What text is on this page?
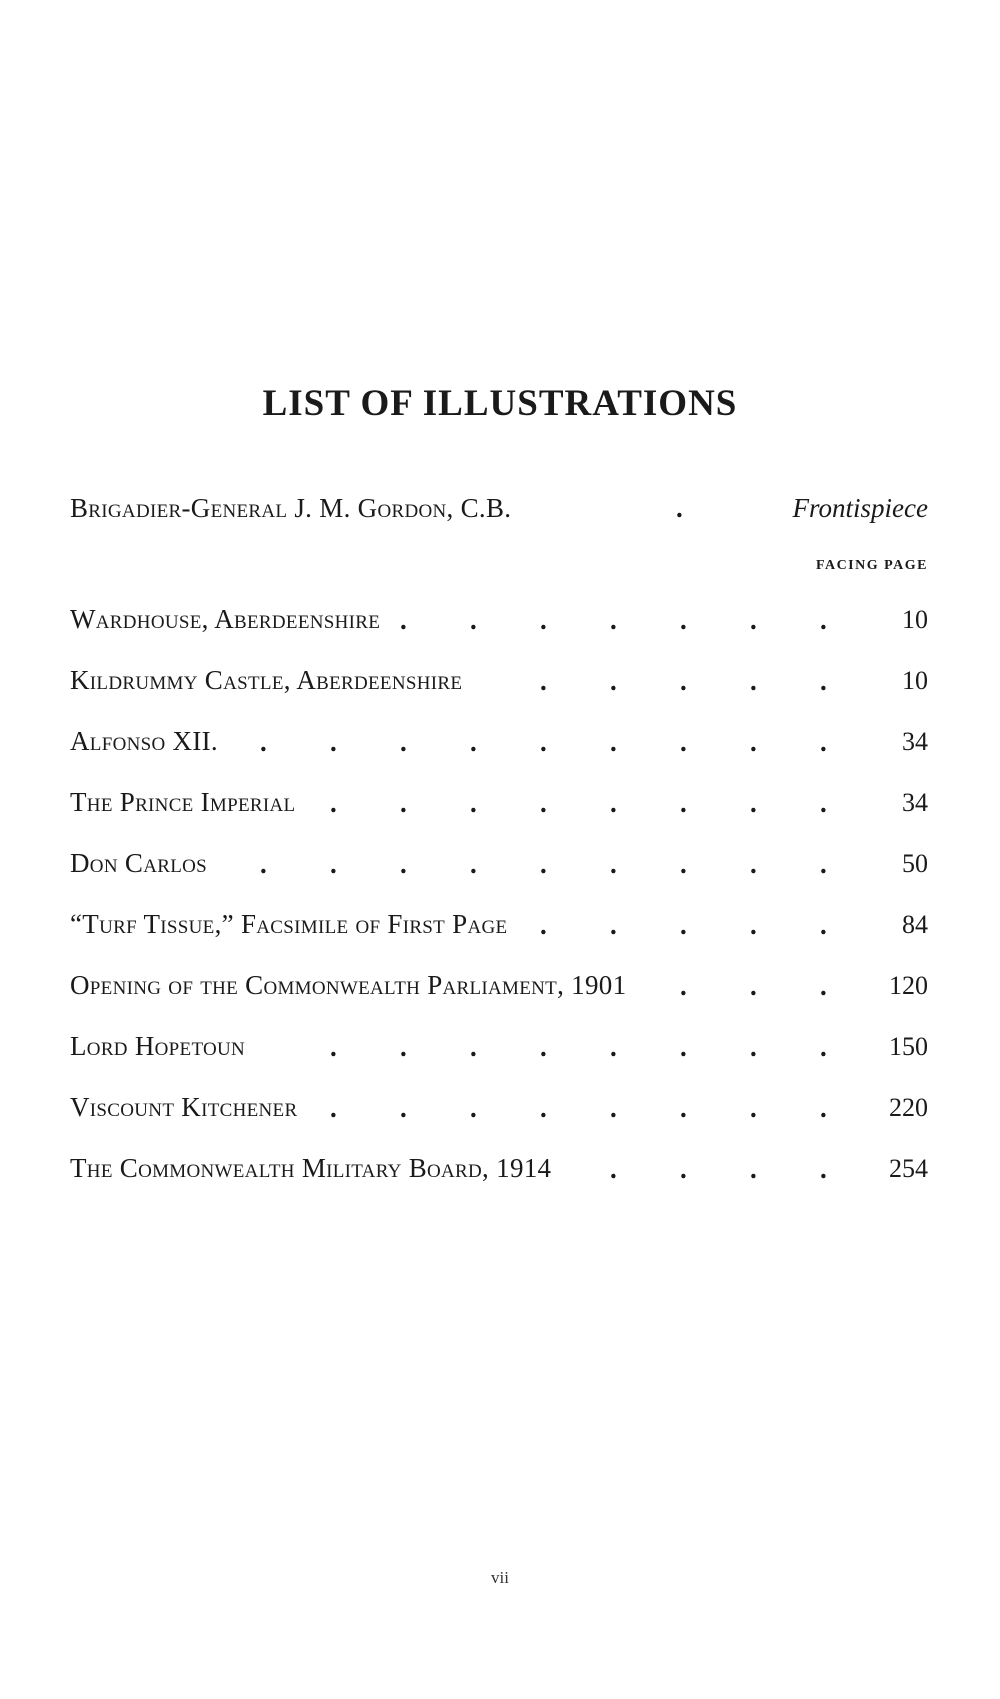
LIST OF ILLUSTRATIONS
Brigadier-General J. M. Gordon, C.B.	.	Frontispiece
FACING PAGE
. . . . . . .
Wardhouse, Aberdeenshire	10
. . . . .
Kildrummy Castle, Aberdeenshire	10
. . . . . . . . .
Alfonso XII.	34
. . . . . . . .
The Prince Imperial	34
. . . . . . . . .
Don Carlos	50
. . . . .
“Turf Tissue,” Facsimile of First Page	84
. . .
Opening of the Commonwealth Parliament, 1901	120
. . . . . . . .
Lord Hopetoun	150
. . . . . . . .
Viscount Kitchener	220
. . . .
The Commonwealth Military Board, 1914	254
vii
